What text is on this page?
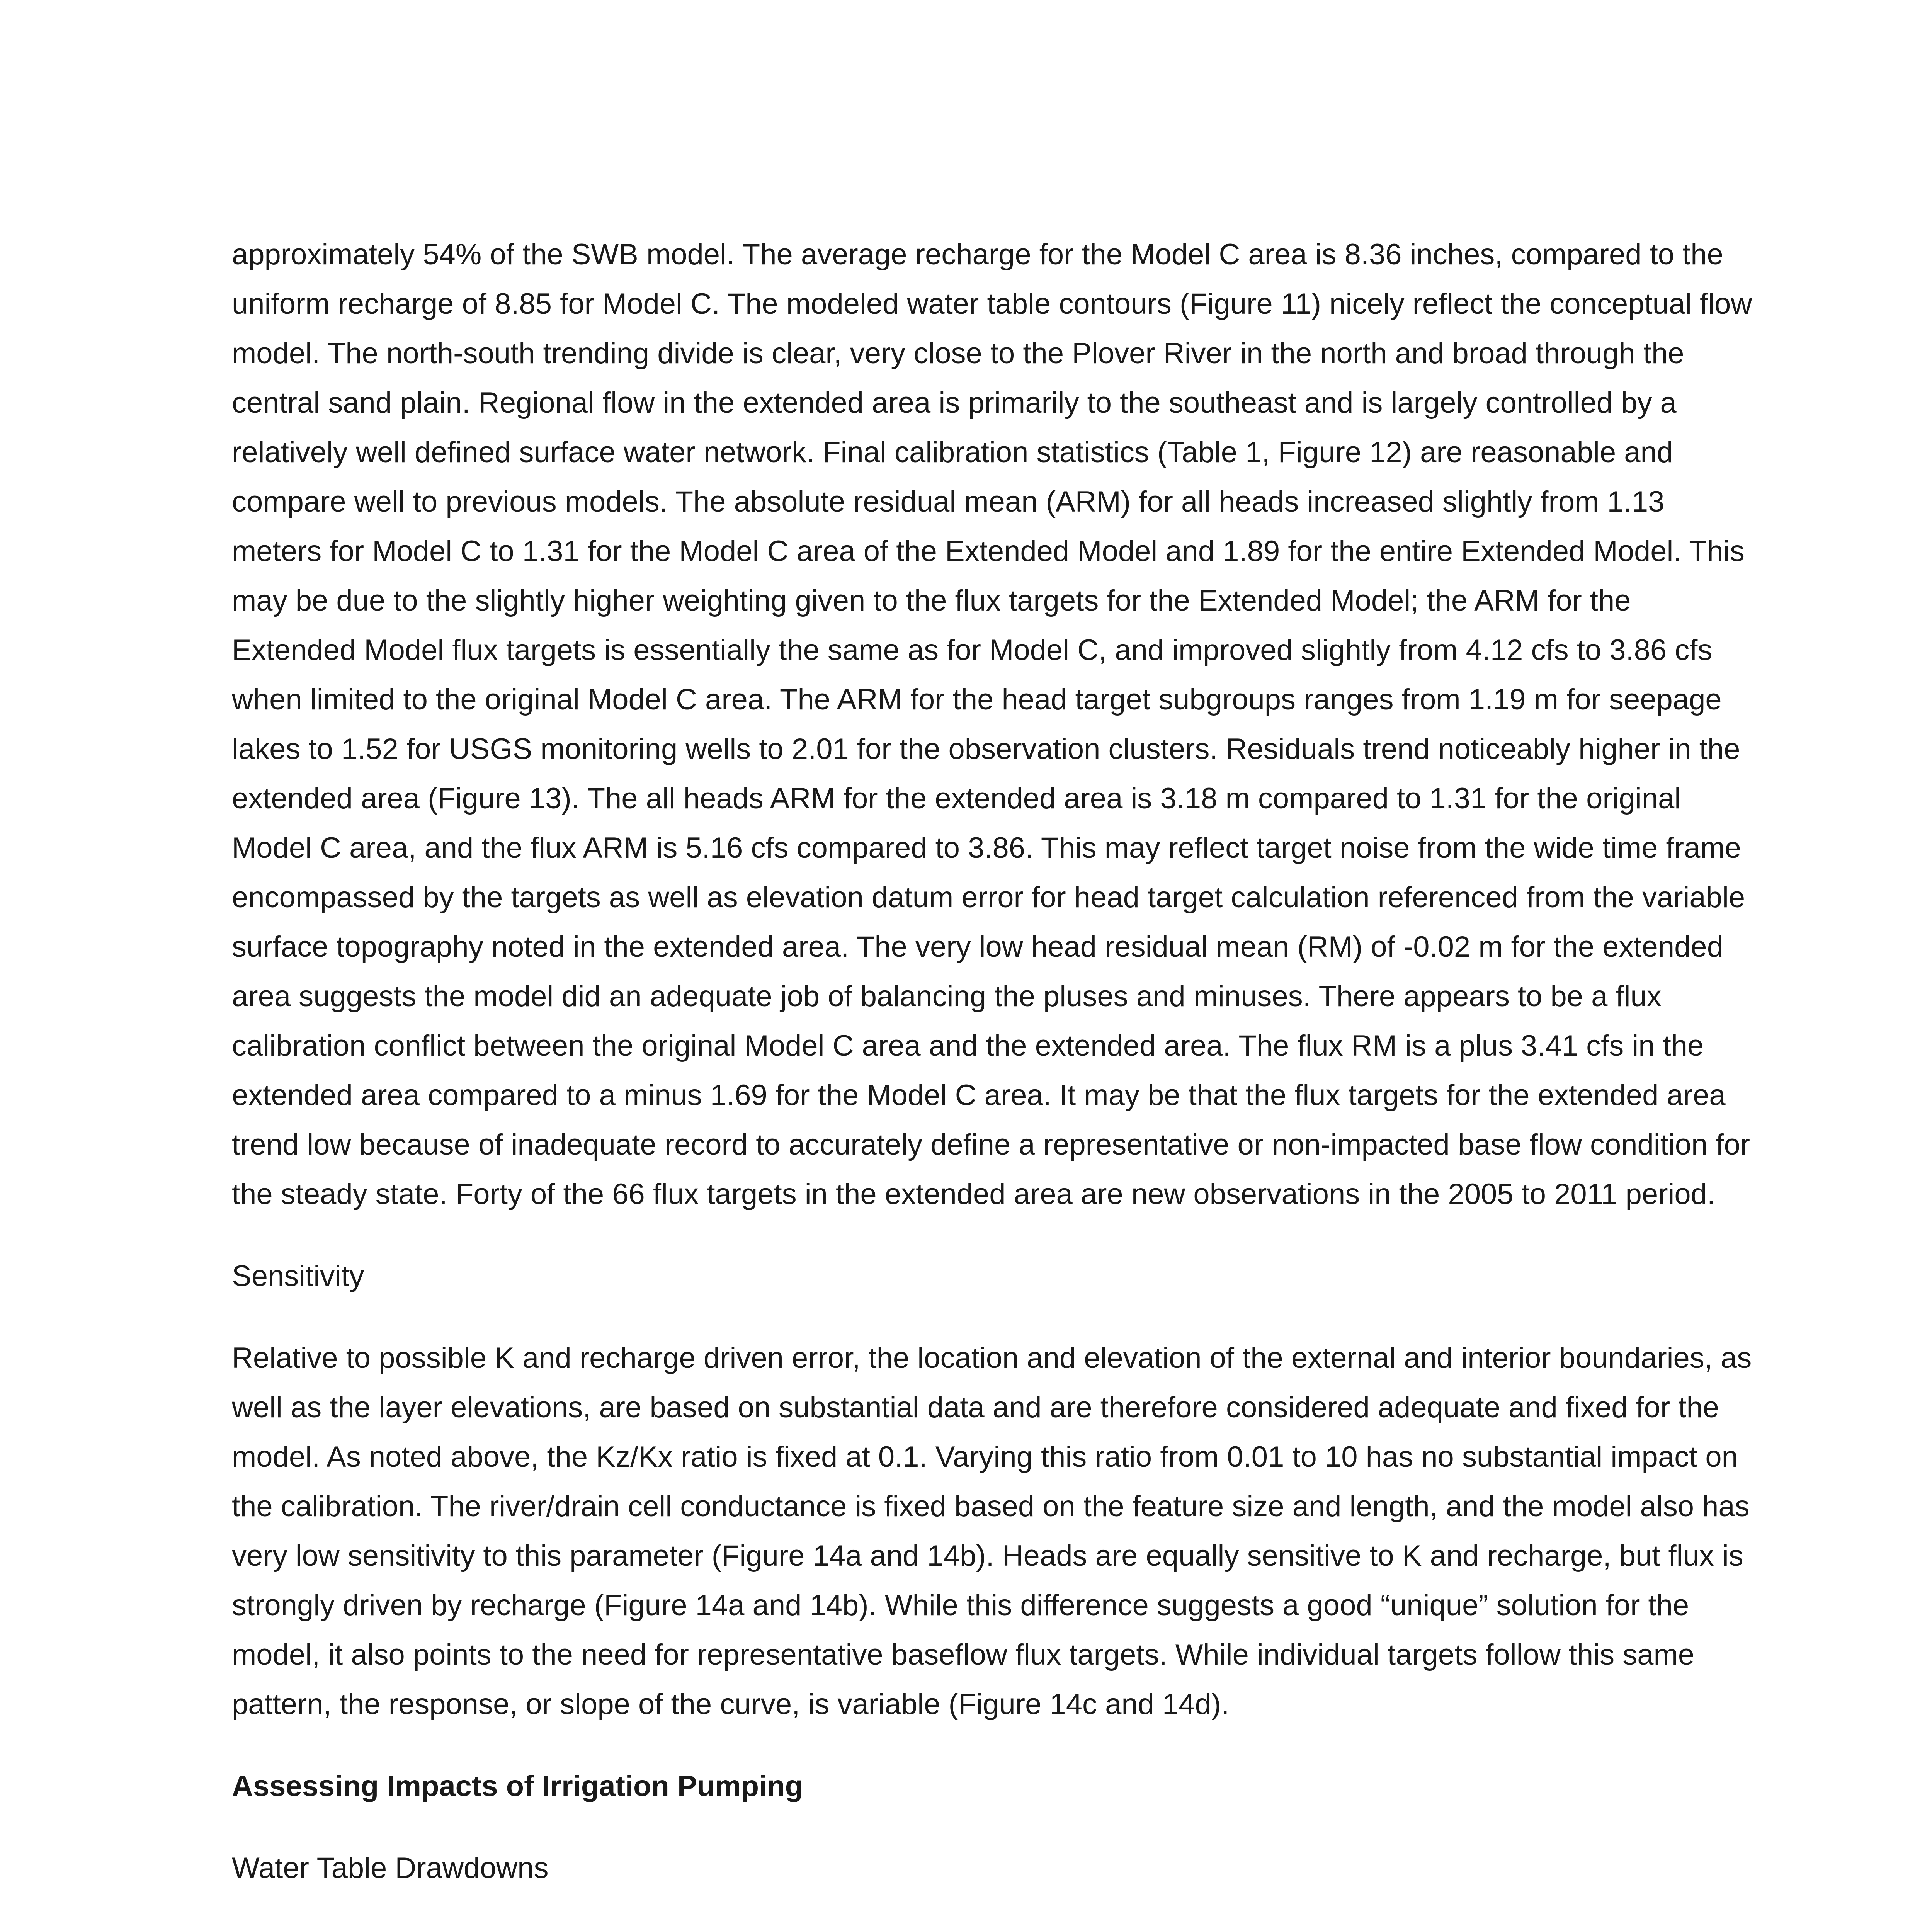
approximately 54% of the SWB model. The average recharge for the Model C area is 8.36 inches, compared to the uniform recharge of 8.85 for Model C. The modeled water table contours (Figure 11) nicely reflect the conceptual flow model. The north-south trending divide is clear, very close to the Plover River in the north and broad through the central sand plain. Regional flow in the extended area is primarily to the southeast and is largely controlled by a relatively well defined surface water network. Final calibration statistics (Table 1, Figure 12) are reasonable and compare well to previous models. The absolute residual mean (ARM) for all heads increased slightly from 1.13 meters for Model C to 1.31 for the Model C area of the Extended Model and 1.89 for the entire Extended Model. This may be due to the slightly higher weighting given to the flux targets for the Extended Model; the ARM for the Extended Model flux targets is essentially the same as for Model C, and improved slightly from 4.12 cfs to 3.86 cfs when limited to the original Model C area. The ARM for the head target subgroups ranges from 1.19 m for seepage lakes to 1.52 for USGS monitoring wells to 2.01 for the observation clusters. Residuals trend noticeably higher in the extended area (Figure 13). The all heads ARM for the extended area is 3.18 m compared to 1.31 for the original Model C area, and the flux ARM is 5.16 cfs compared to 3.86. This may reflect target noise from the wide time frame encompassed by the targets as well as elevation datum error for head target calculation referenced from the variable surface topography noted in the extended area. The very low head residual mean (RM) of -0.02 m for the extended area suggests the model did an adequate job of balancing the pluses and minuses. There appears to be a flux calibration conflict between the original Model C area and the extended area. The flux RM is a plus 3.41 cfs in the extended area compared to a minus 1.69 for the Model C area. It may be that the flux targets for the extended area trend low because of inadequate record to accurately define a representative or non-impacted base flow condition for the steady state. Forty of the 66 flux targets in the extended area are new observations in the 2005 to 2011 period.

Sensitivity

Relative to possible K and recharge driven error, the location and elevation of the external and interior boundaries, as well as the layer elevations, are based on substantial data and are therefore considered adequate and fixed for the model. As noted above, the Kz/Kx ratio is fixed at 0.1. Varying this ratio from 0.01 to 10 has no substantial impact on the calibration. The river/drain cell conductance is fixed based on the feature size and length, and the model also has very low sensitivity to this parameter (Figure 14a and 14b). Heads are equally sensitive to K and recharge, but flux is strongly driven by recharge (Figure 14a and 14b). While this difference suggests a good “unique” solution for the model, it also points to the need for representative baseflow flux targets. While individual targets follow this same pattern, the response, or slope of the curve, is variable (Figure 14c and 14d).

Assessing Impacts of Irrigation Pumping

Water Table Drawdowns
